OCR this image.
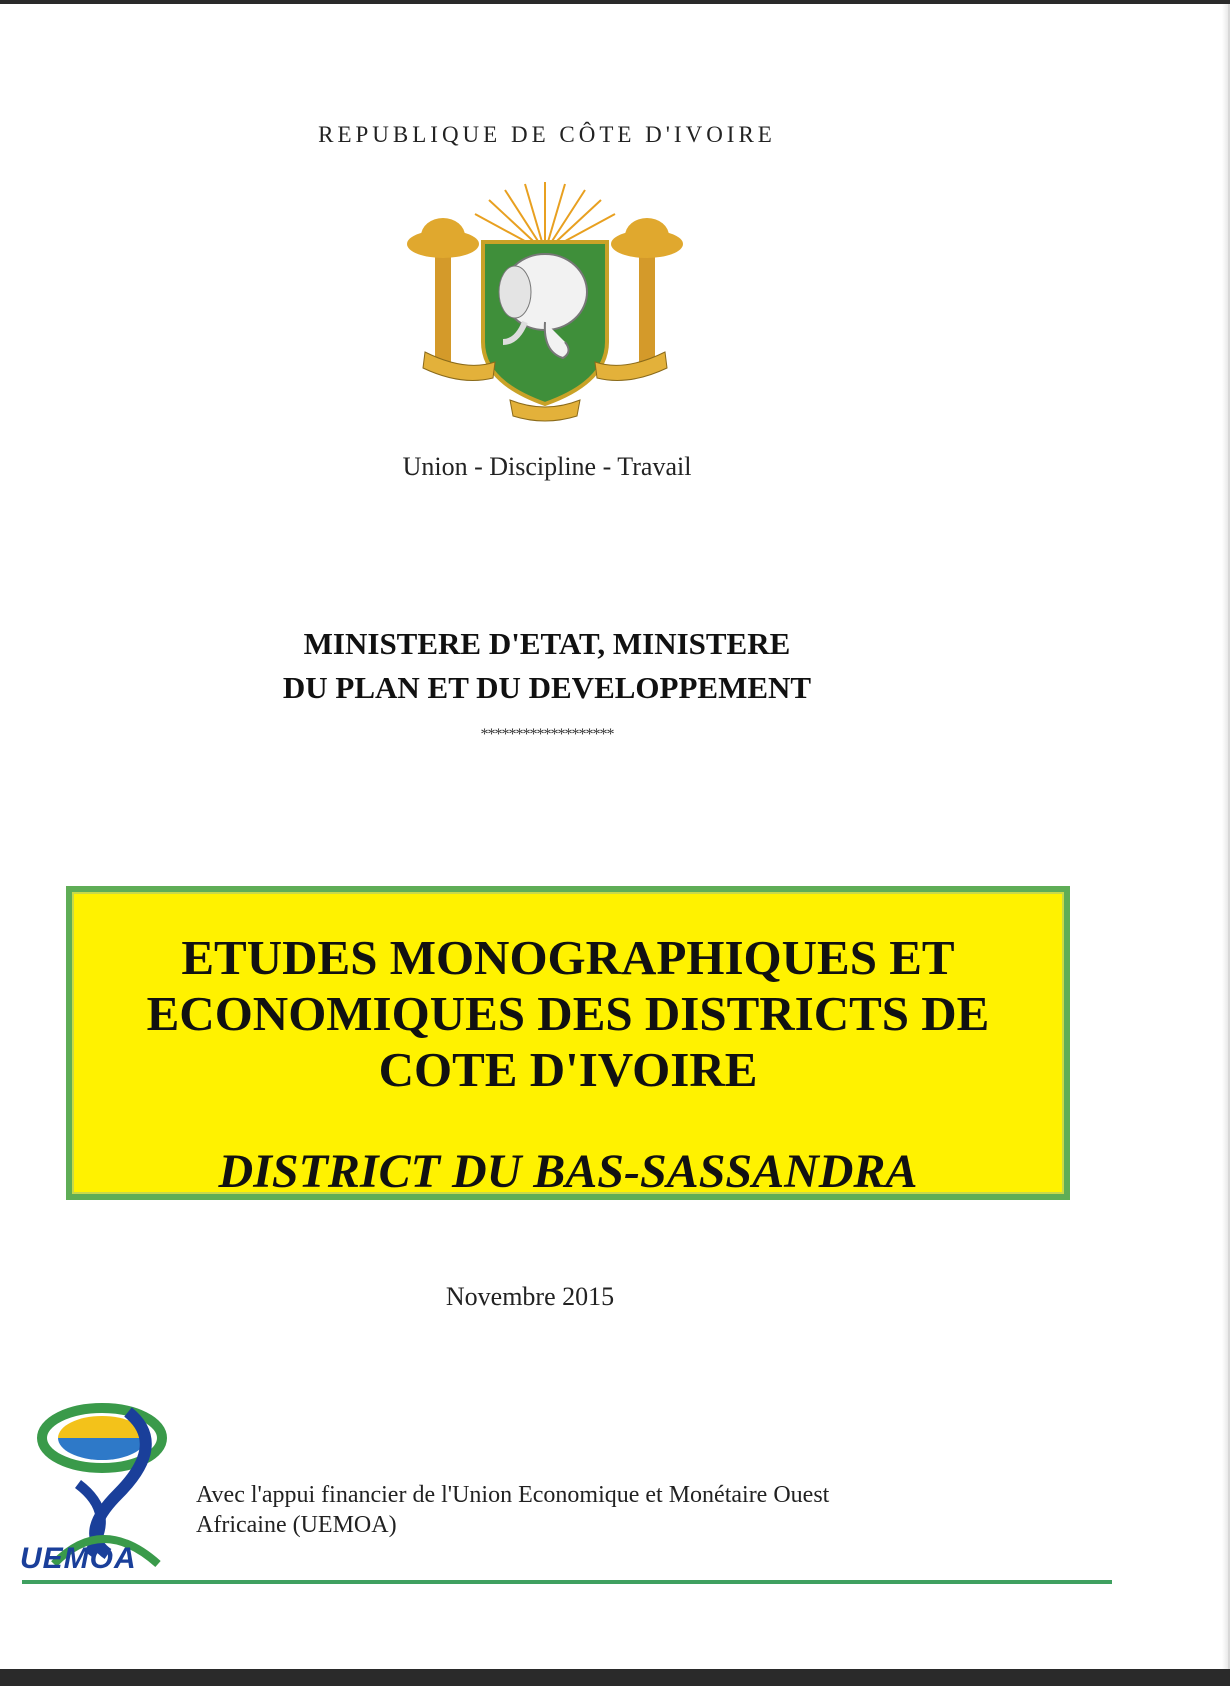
REPUBLIQUE DE CÔTE D'IVOIRE
Union - Discipline - Travail
MINISTERE D'ETAT, MINISTERE
DU PLAN ET DU DEVELOPPEMENT
*******************
ETUDES MONOGRAPHIQUES ET
ECONOMIQUES DES DISTRICTS DE
COTE D'IVOIRE
DISTRICT DU BAS-SASSANDRA
Novembre 2015
UEMOA
Avec l'appui financier de l'Union Economique et Monétaire Ouest
Africaine (UEMOA)
